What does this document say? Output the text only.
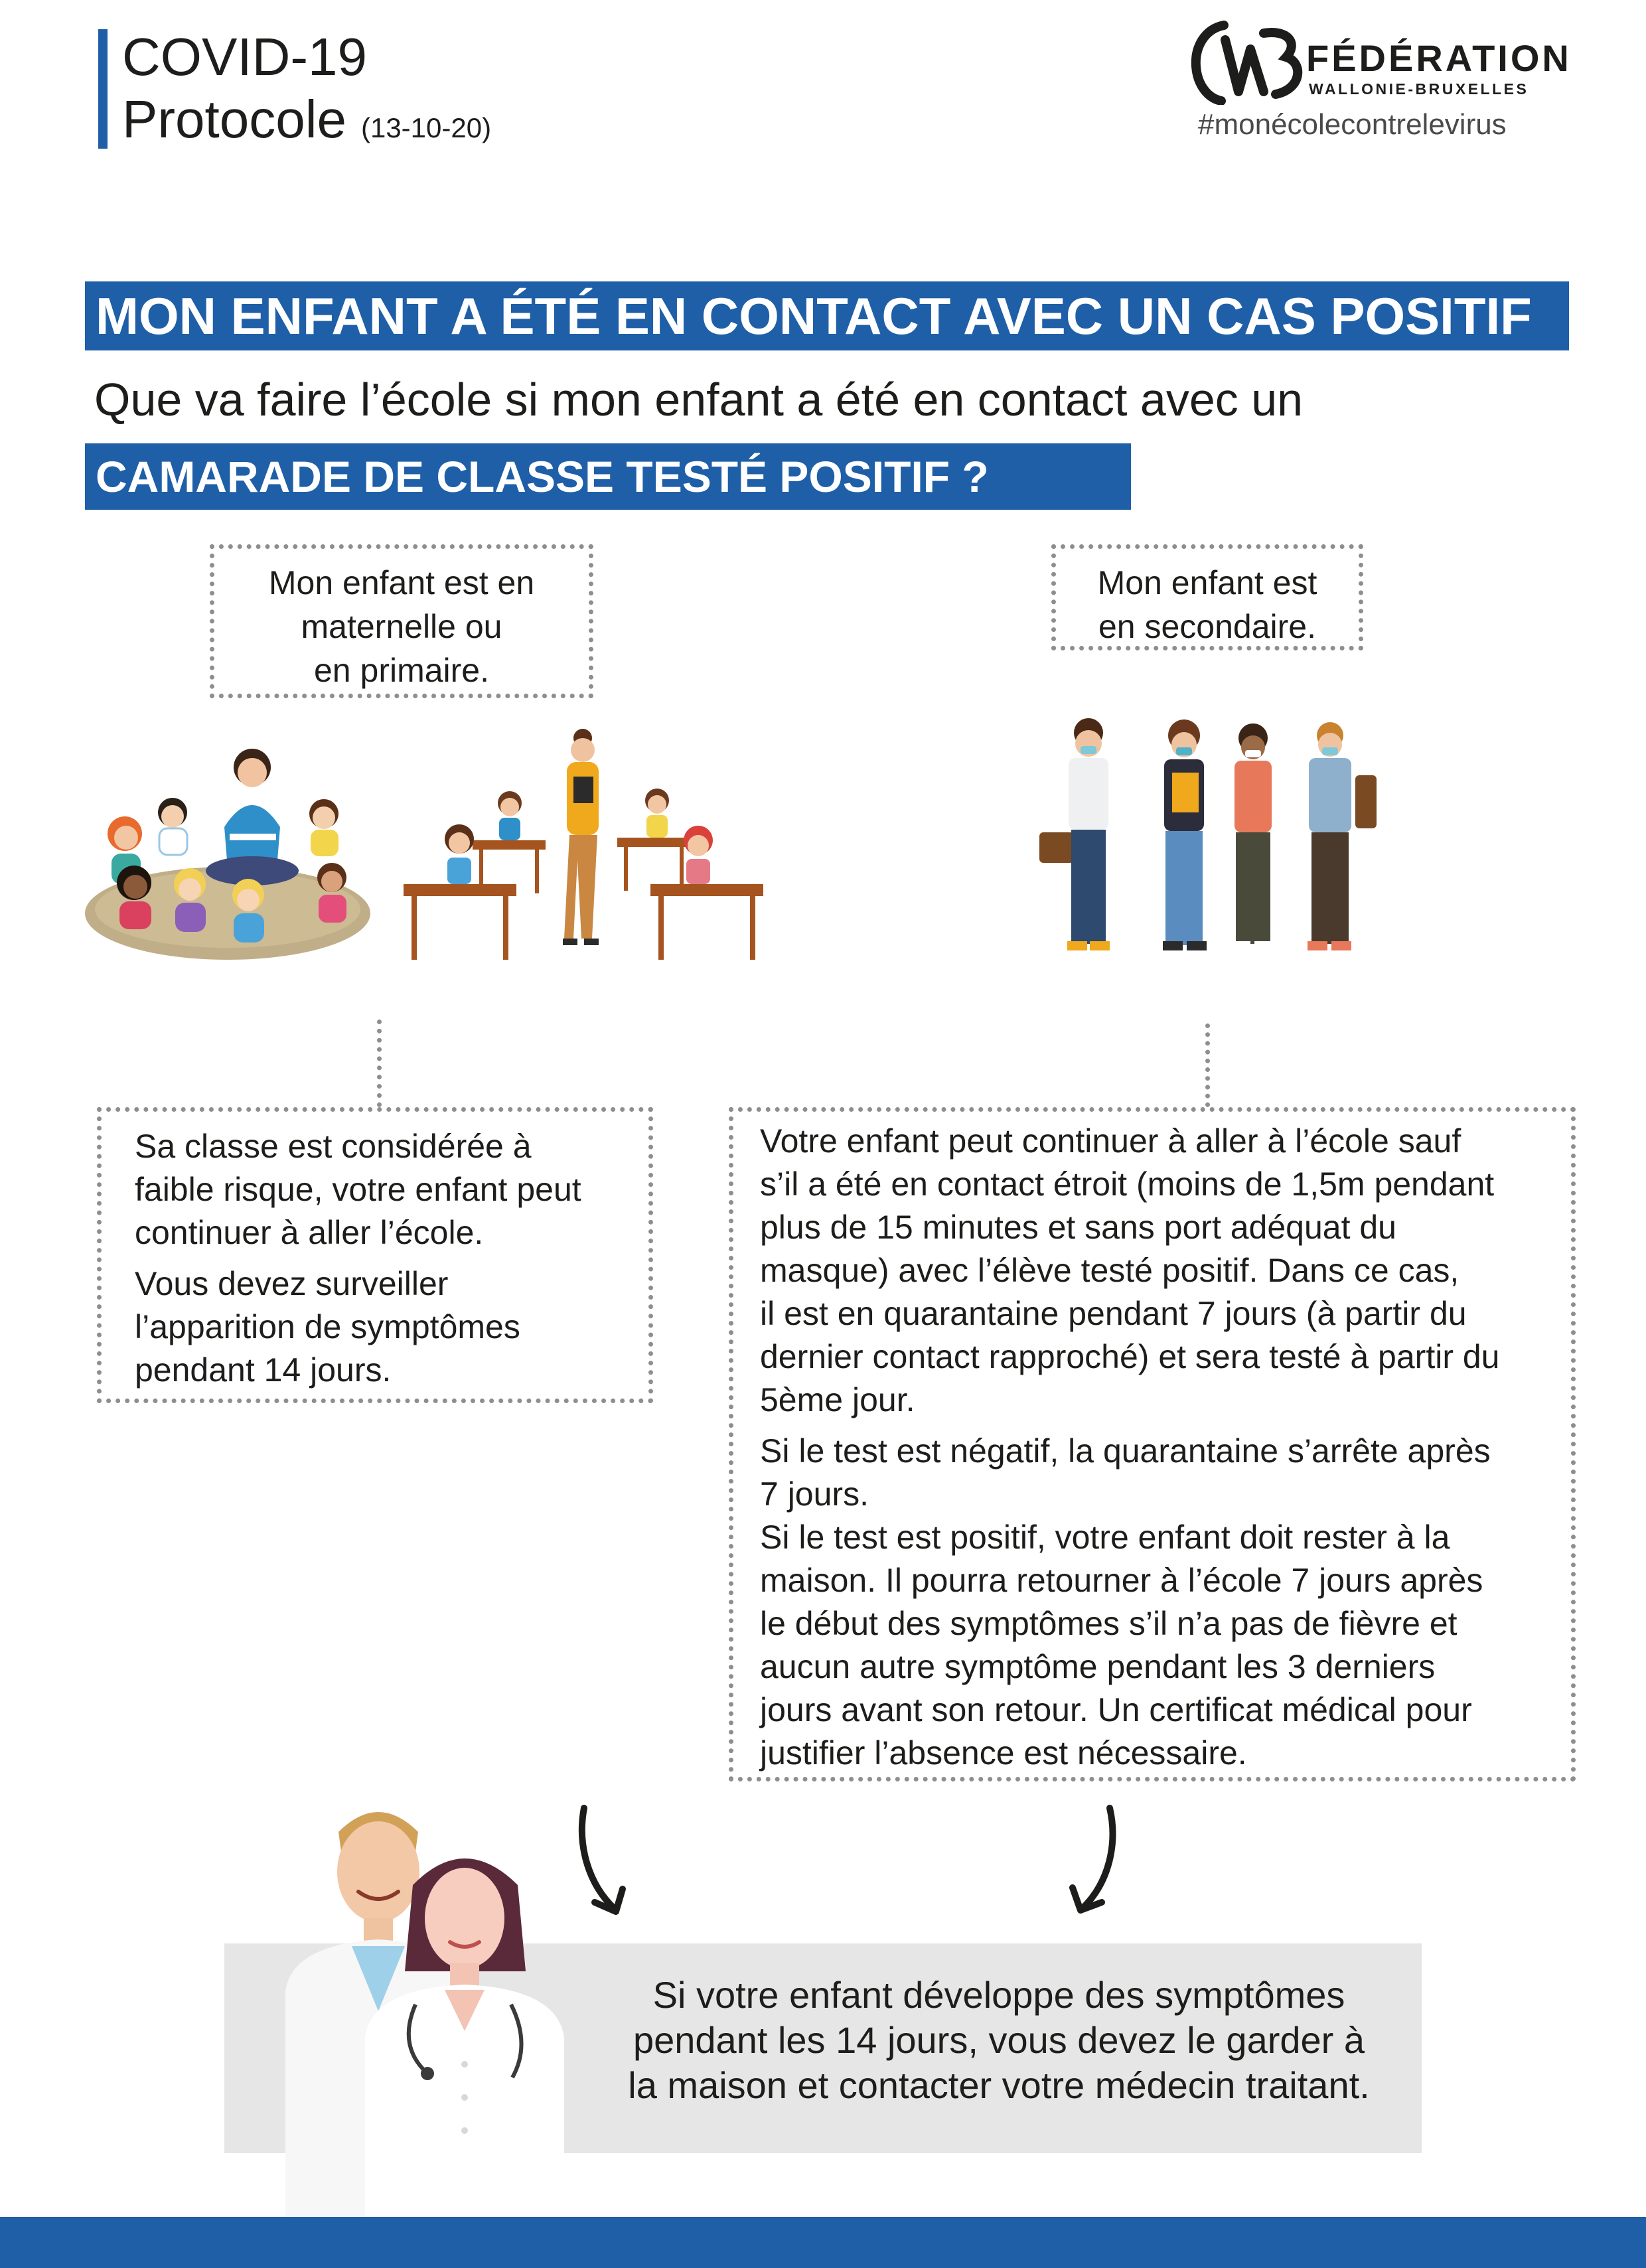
COVID-19
Protocole (13-10-20)
FÉDÉRATION
WALLONIE-BRUXELLES
#monécolecontrelevirus
MON ENFANT A ÉTÉ EN CONTACT AVEC UN CAS POSITIF
Que va faire l’école si mon enfant a été en contact avec un
CAMARADE DE CLASSE TESTÉ POSITIF ?
Mon enfant est en
maternelle ou
en primaire.
Mon enfant est
en secondaire.
Sa classe est considérée à
faible risque, votre enfant peut
continuer à aller l’école.
Vous devez surveiller
l’apparition de symptômes
pendant 14 jours.
Votre enfant peut continuer à aller à l’école sauf
s’il a été en contact étroit (moins de 1,5m pendant
plus de 15 minutes et sans port adéquat du
masque) avec l’élève testé positif. Dans ce cas,
il est en quarantaine pendant 7 jours (à partir du
dernier contact rapproché) et sera testé à partir du
5ème jour.
Si le test est négatif, la quarantaine s’arrête après
7 jours.
Si le test est positif, votre enfant doit rester à la
maison. Il pourra retourner à l’école 7 jours après
le début des symptômes s’il n’a pas de fièvre et
aucun autre symptôme pendant les 3 derniers
jours avant son retour. Un certificat médical pour
justifier l’absence est nécessaire.
Si votre enfant développe des symptômes
pendant les 14 jours, vous devez le garder à
la maison et contacter votre médecin traitant.
